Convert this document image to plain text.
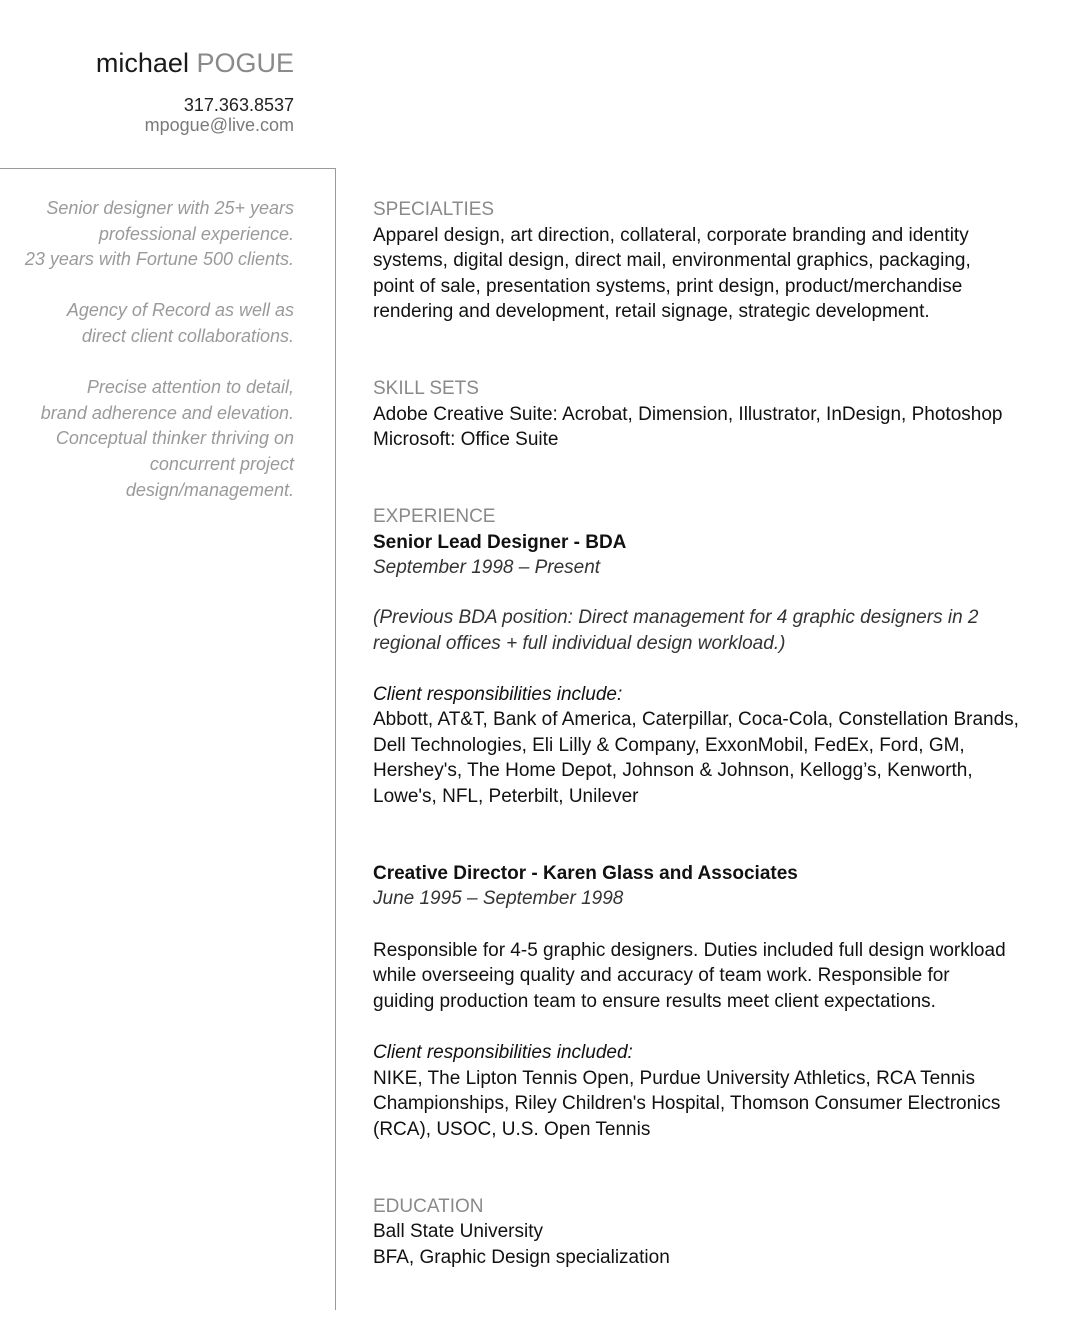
michael POGUE
317.363.8537
mpogue@live.com

Senior designer with 25+ years
professional experience.
23 years with Fortune 500 clients.

Agency of Record as well as
direct client collaborations.

Precise attention to detail,
brand adherence and elevation.
Conceptual thinker thriving on
concurrent project
design/management.

SPECIALTIES
Apparel design, art direction, collateral, corporate branding and identity
systems, digital design, direct mail, environmental graphics, packaging,
point of sale, presentation systems, print design, product/merchandise
rendering and development, retail signage, strategic development.
SKILL SETS
Adobe Creative Suite: Acrobat, Dimension, Illustrator, InDesign, Photoshop
Microsoft: Office Suite
EXPERIENCE
Senior Lead Designer - BDA
September 1998 – Present
(Previous BDA position: Direct management for 4 graphic designers in 2
regional offices + full individual design workload.)
Client responsibilities include:
Abbott, AT&T, Bank of America, Caterpillar, Coca-Cola, Constellation Brands,
Dell Technologies, Eli Lilly & Company, ExxonMobil, FedEx, Ford, GM,
Hershey's, The Home Depot, Johnson & Johnson, Kellogg’s, Kenworth,
Lowe's, NFL, Peterbilt, Unilever
Creative Director - Karen Glass and Associates
June 1995 – September 1998
Responsible for 4-5 graphic designers. Duties included full design workload
while overseeing quality and accuracy of team work. Responsible for
guiding production team to ensure results meet client expectations.
Client responsibilities included:
NIKE, The Lipton Tennis Open, Purdue University Athletics, RCA Tennis
Championships, Riley Children's Hospital, Thomson Consumer Electronics
(RCA), USOC, U.S. Open Tennis
EDUCATION
Ball State University
BFA, Graphic Design specialization
